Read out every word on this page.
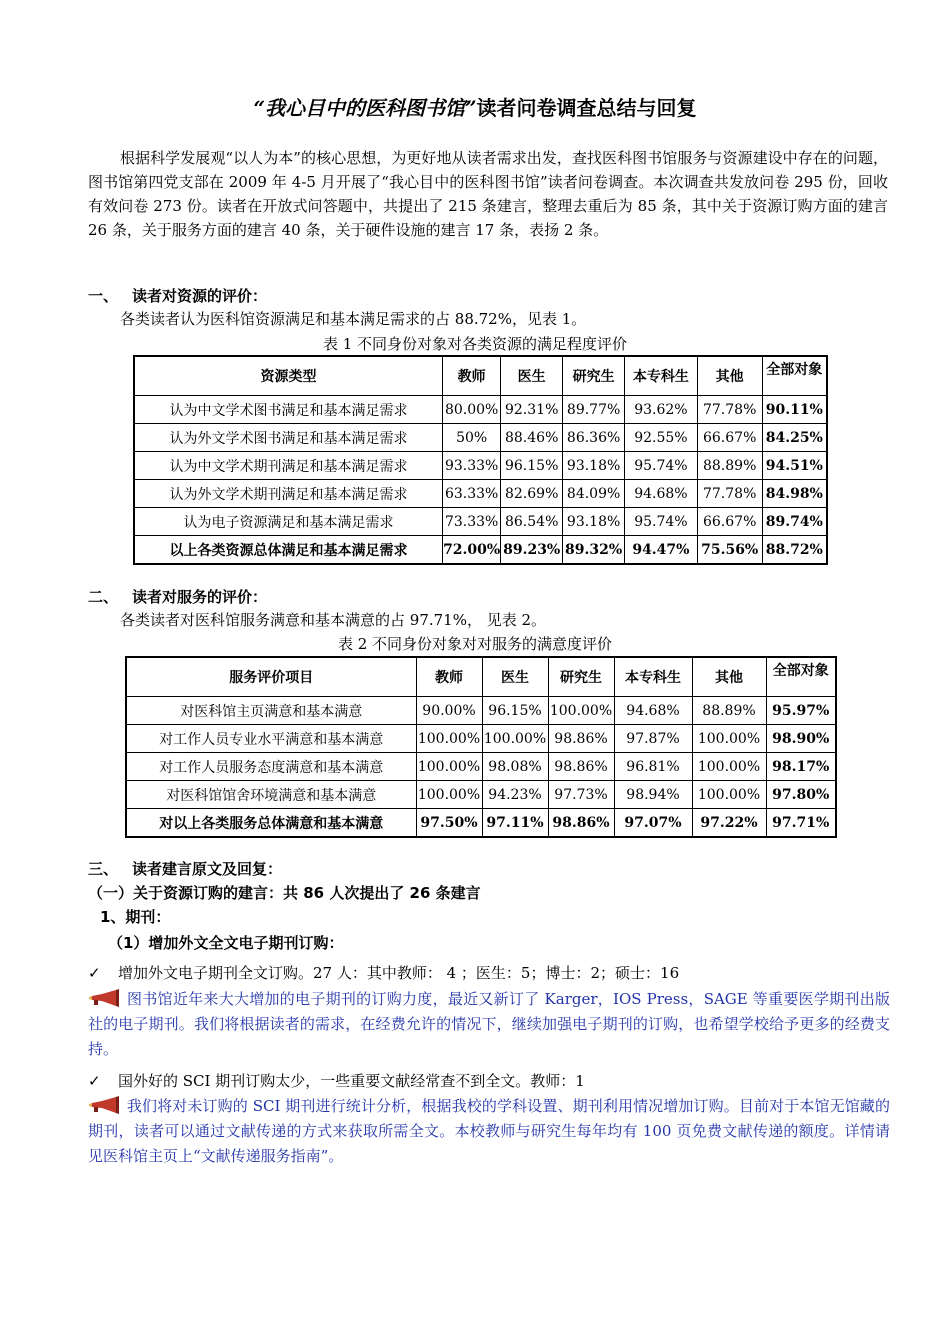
“我心目中的医科图书馆”读者问卷调查总结与回复
根据科学发展观“以人为本”的核心思想，为更好地从读者需求出发，查找医科图书馆服务与资源建设中存在的问题，图书馆第四党支部在 2009 年 4-5 月开展了“我心目中的医科图书馆”读者问卷调查。本次调查共发放问卷 295 份，回收有效问卷 273 份。读者在开放式问答题中，共提出了 215 条建言，整理去重后为 85 条，其中关于资源订购方面的建言 26 条，关于服务方面的建言 40 条，关于硬件设施的建言 17 条，表扬 2 条。
一、 读者对资源的评价：
各类读者认为医科馆资源满足和基本满足需求的占 88.72%，见表 1。
表 1 不同身份对象对各类资源的满足程度评价
资源类型	教师	医生	研究生	本专科生	其他	全部对象

认为中文学术图书满足和基本满足需求	80.00%	92.31%	89.77%	93.62%	77.78%	90.11%
认为外文学术图书满足和基本满足需求	50%	88.46%	86.36%	92.55%	66.67%	84.25%
认为中文学术期刊满足和基本满足需求	93.33%	96.15%	93.18%	95.74%	88.89%	94.51%
认为外文学术期刊满足和基本满足需求	63.33%	82.69%	84.09%	94.68%	77.78%	84.98%
认为电子资源满足和基本满足需求	73.33%	86.54%	93.18%	95.74%	66.67%	89.74%
以上各类资源总体满足和基本满足需求	72.00%	89.23%	89.32%	94.47%	75.56%	88.72%
二、 读者对服务的评价：
各类读者对医科馆服务满意和基本满意的占 97.71%， 见表 2。
表 2 不同身份对象对对服务的满意度评价
服务评价项目	教师	医生	研究生	本专科生	其他	全部对象

对医科馆主页满意和基本满意	90.00%	96.15%	100.00%	94.68%	88.89%	95.97%
对工作人员专业水平满意和基本满意	100.00%	100.00%	98.86%	97.87%	100.00%	98.90%
对工作人员服务态度满意和基本满意	100.00%	98.08%	98.86%	96.81%	100.00%	98.17%
对医科馆馆舍环境满意和基本满意	100.00%	94.23%	97.73%	98.94%	100.00%	97.80%
对以上各类服务总体满意和基本满意	97.50%	97.11%	98.86%	97.07%	97.22%	97.71%
三、 读者建言原文及回复：
（一）关于资源订购的建言：共 86 人次提出了 26 条建言
1、期刊：
（1）增加外文全文电子期刊订购：
✓ 增加外文电子期刊全文订购。27 人：其中教师： 4 ；医生：5；博士：2；硕士：16
图书馆近年来大大增加的电子期刊的订购力度，最近又新订了 Karger，IOS Press，SAGE 等重要医学期刊出版社的电子期刊。我们将根据读者的需求，在经费允许的情况下，继续加强电子期刊的订购，也希望学校给予更多的经费支持。
✓ 国外好的 SCI 期刊订购太少，一些重要文献经常查不到全文。教师：1
我们将对未订购的 SCI 期刊进行统计分析，根据我校的学科设置、期刊利用情况增加订购。目前对于本馆无馆藏的期刊，读者可以通过文献传递的方式来获取所需全文。本校教师与研究生每年均有 100 页免费文献传递的额度。详情请见医科馆主页上“文献传递服务指南”。
